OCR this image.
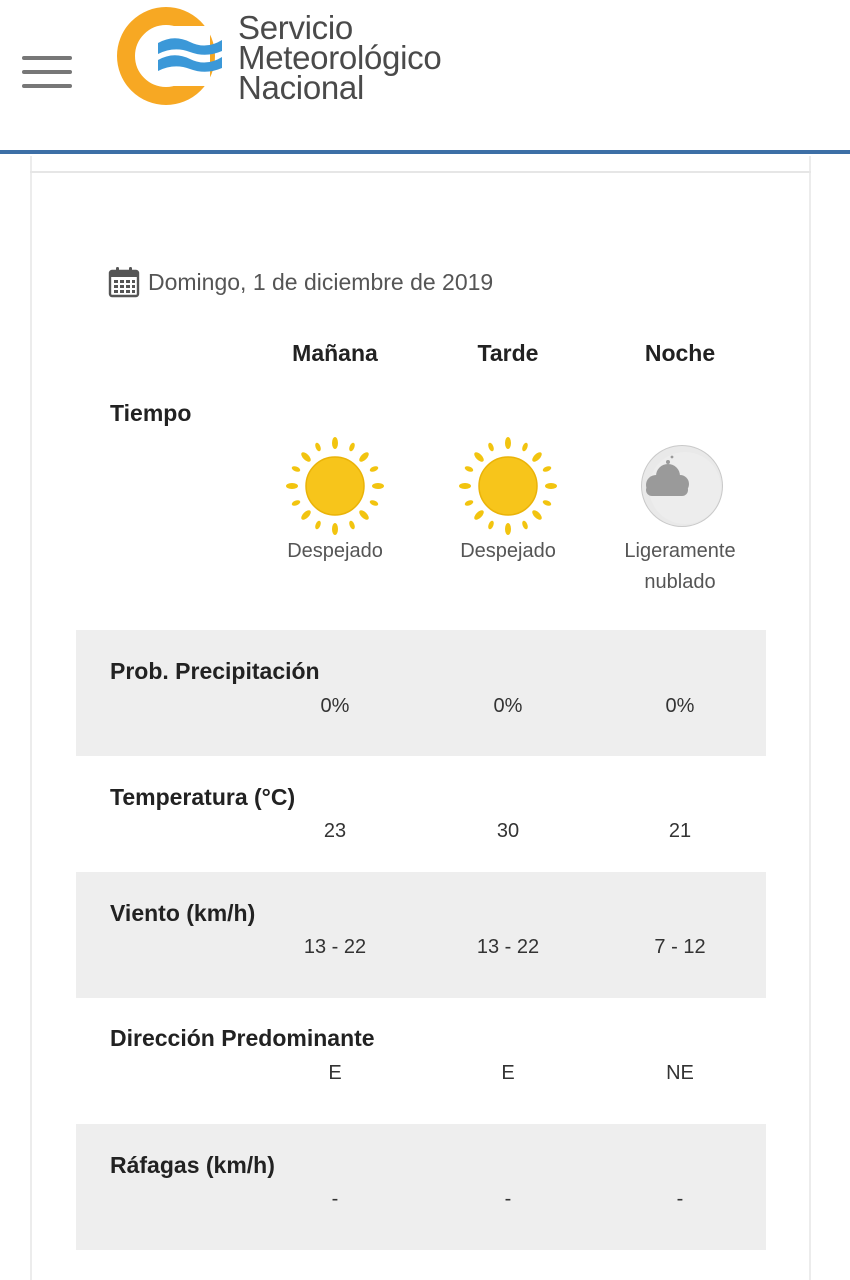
Servicio
Meteorológico
Nacional
Domingo, 1 de diciembre de 2019
Mañana	Tarde	Noche
Tiempo
Despejado	Despejado	Ligeramente
nublado
Prob. Precipitación
0%	0%	0%
Temperatura (°C)
23	30	21
Viento (km/h)
13 - 22	13 - 22	7 - 12
Dirección Predominante
E	E	NE
Ráfagas (km/h)
-	-	-
